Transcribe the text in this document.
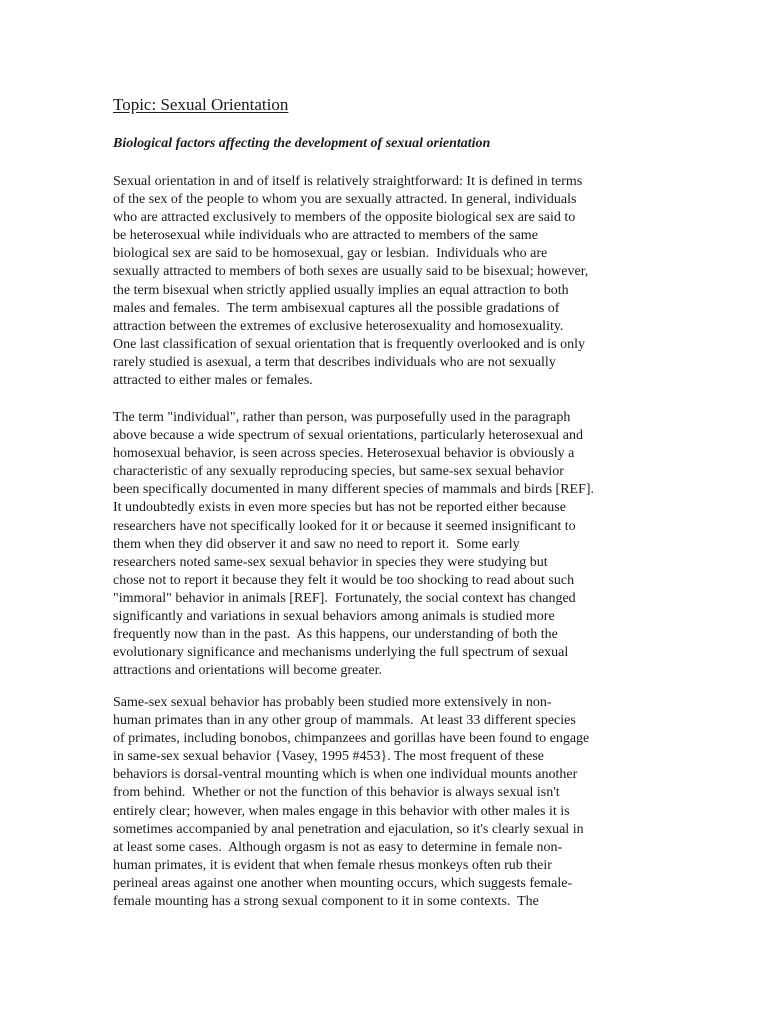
Topic: Sexual Orientation
Biological factors affecting the development of sexual orientation
Sexual orientation in and of itself is relatively straightforward: It is defined in terms
of the sex of the people to whom you are sexually attracted. In general, individuals
who are attracted exclusively to members of the opposite biological sex are said to
be heterosexual while individuals who are attracted to members of the same
biological sex are said to be homosexual, gay or lesbian.  Individuals who are
sexually attracted to members of both sexes are usually said to be bisexual; however,
the term bisexual when strictly applied usually implies an equal attraction to both
males and females.  The term ambisexual captures all the possible gradations of
attraction between the extremes of exclusive heterosexuality and homosexuality.
One last classification of sexual orientation that is frequently overlooked and is only
rarely studied is asexual, a term that describes individuals who are not sexually
attracted to either males or females.
The term "individual", rather than person, was purposefully used in the paragraph
above because a wide spectrum of sexual orientations, particularly heterosexual and
homosexual behavior, is seen across species. Heterosexual behavior is obviously a
characteristic of any sexually reproducing species, but same-sex sexual behavior
been specifically documented in many different species of mammals and birds [REF].
It undoubtedly exists in even more species but has not be reported either because
researchers have not specifically looked for it or because it seemed insignificant to
them when they did observer it and saw no need to report it.  Some early
researchers noted same-sex sexual behavior in species they were studying but
chose not to report it because they felt it would be too shocking to read about such
"immoral" behavior in animals [REF].  Fortunately, the social context has changed
significantly and variations in sexual behaviors among animals is studied more
frequently now than in the past.  As this happens, our understanding of both the
evolutionary significance and mechanisms underlying the full spectrum of sexual
attractions and orientations will become greater.
Same-sex sexual behavior has probably been studied more extensively in non-
human primates than in any other group of mammals.  At least 33 different species
of primates, including bonobos, chimpanzees and gorillas have been found to engage
in same-sex sexual behavior {Vasey, 1995 #453}. The most frequent of these
behaviors is dorsal-ventral mounting which is when one individual mounts another
from behind.  Whether or not the function of this behavior is always sexual isn't
entirely clear; however, when males engage in this behavior with other males it is
sometimes accompanied by anal penetration and ejaculation, so it's clearly sexual in
at least some cases.  Although orgasm is not as easy to determine in female non-
human primates, it is evident that when female rhesus monkeys often rub their
perineal areas against one another when mounting occurs, which suggests female-
female mounting has a strong sexual component to it in some contexts.  The
